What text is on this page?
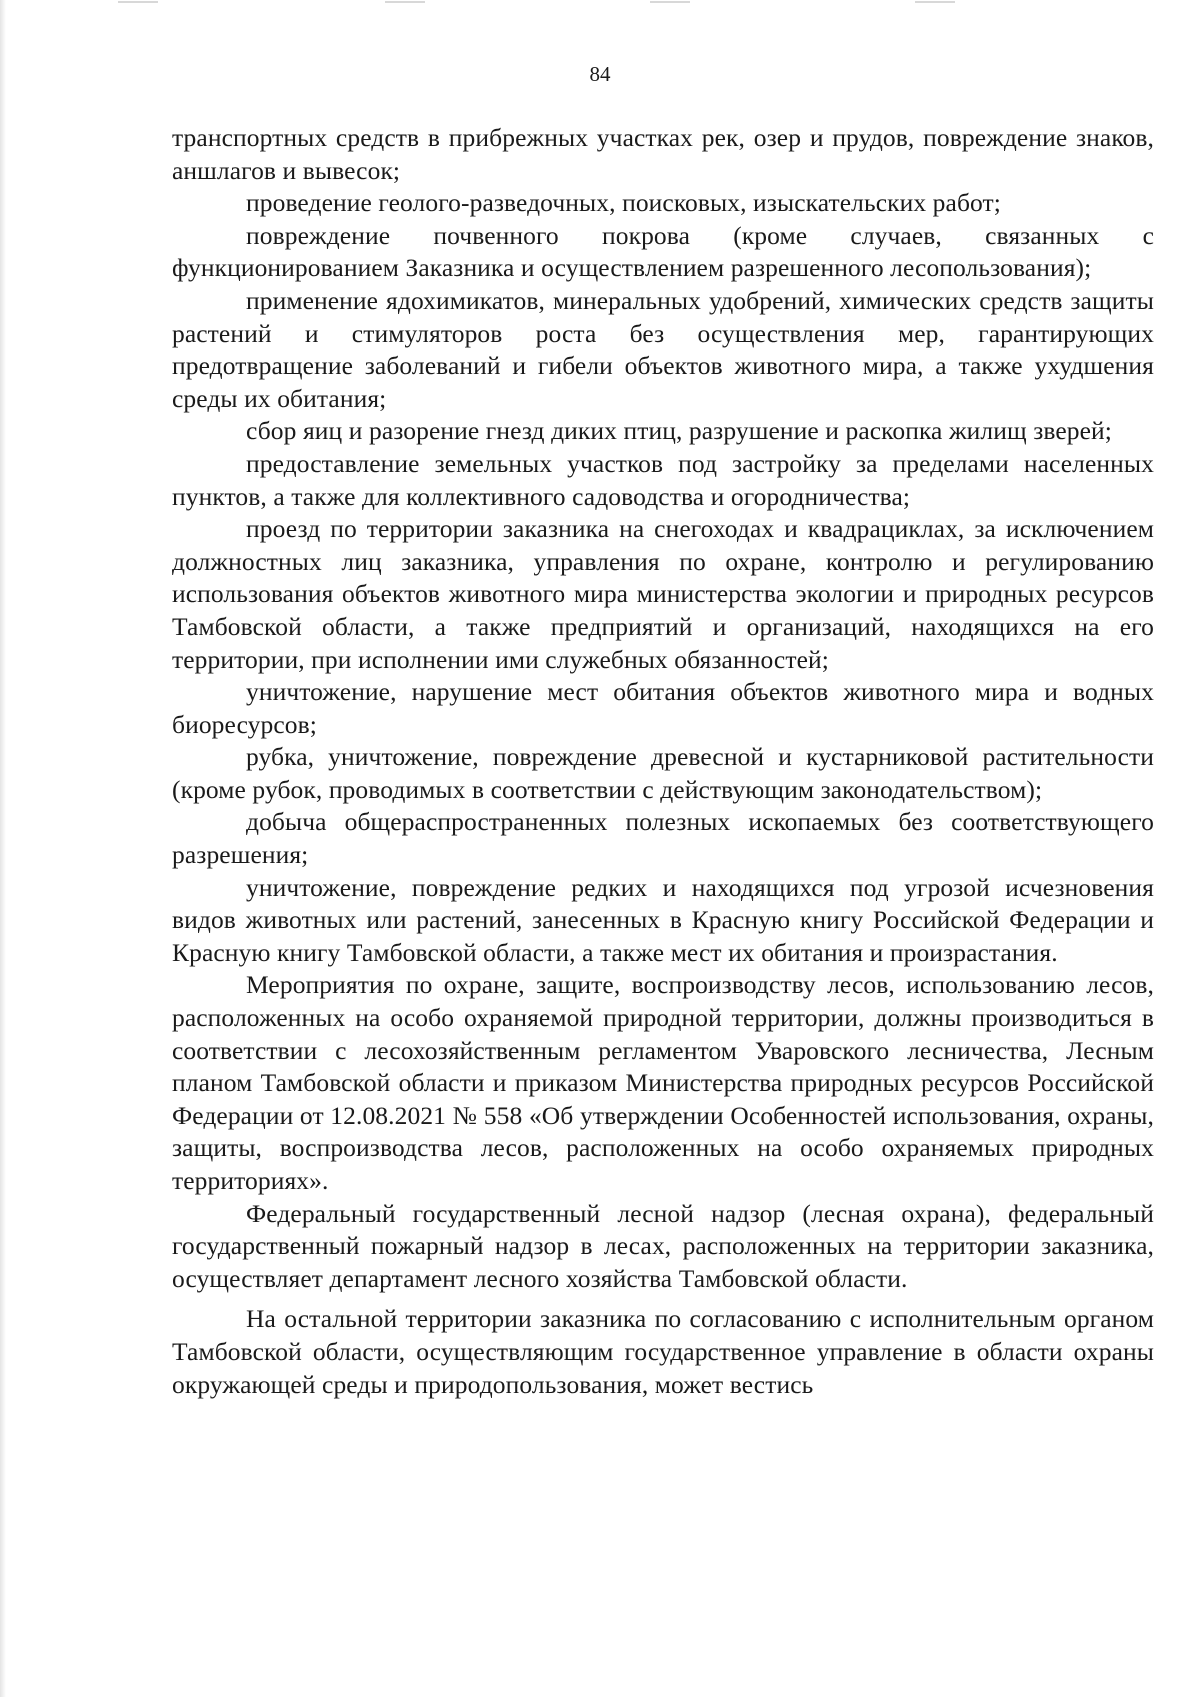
84

транспортных средств в прибрежных участках рек, озер и прудов, повреждение знаков, аншлагов и вывесок;

проведение геолого-разведочных, поисковых, изыскательских работ;

повреждение почвенного покрова (кроме случаев, связанных с функционированием Заказника и осуществлением разрешенного лесопользования);

применение ядохимикатов, минеральных удобрений, химических средств защиты растений и стимуляторов роста без осуществления мер, гарантирующих предотвращение заболеваний и гибели объектов животного мира, а также ухудшения среды их обитания;

сбор яиц и разорение гнезд диких птиц, разрушение и раскопка жилищ зверей;

предоставление земельных участков под застройку за пределами населенных пунктов, а также для коллективного садоводства и огородничества;

проезд по территории заказника на снегоходах и квадрациклах, за исключением должностных лиц заказника, управления по охране, контролю и регулированию использования объектов животного мира министерства экологии и природных ресурсов Тамбовской области, а также предприятий и организаций, находящихся на его территории, при исполнении ими служебных обязанностей;

уничтожение, нарушение мест обитания объектов животного мира и водных биоресурсов;

рубка, уничтожение, повреждение древесной и кустарниковой растительности (кроме рубок, проводимых в соответствии с действующим законодательством);

добыча общераспространенных полезных ископаемых без соответствующего разрешения;

уничтожение, повреждение редких и находящихся под угрозой исчезновения видов животных или растений, занесенных в Красную книгу Российской Федерации и Красную книгу Тамбовской области, а также мест их обитания и произрастания.

Мероприятия по охране, защите, воспроизводству лесов, использованию лесов, расположенных на особо охраняемой природной территории, должны производиться в соответствии с лесохозяйственным регламентом Уваровского лесничества, Лесным планом Тамбовской области и приказом Министерства природных ресурсов Российской Федерации от 12.08.2021 № 558 «Об утверждении Особенностей использования, охраны, защиты, воспроизводства лесов, расположенных на особо охраняемых природных территориях».

Федеральный государственный лесной надзор (лесная охрана), федеральный государственный пожарный надзор в лесах, расположенных на территории заказника, осуществляет департамент лесного хозяйства Тамбовской области.

На остальной территории заказника по согласованию с исполнительным органом Тамбовской области, осуществляющим государственное управление в области охраны окружающей среды и природопользования, может вестись
